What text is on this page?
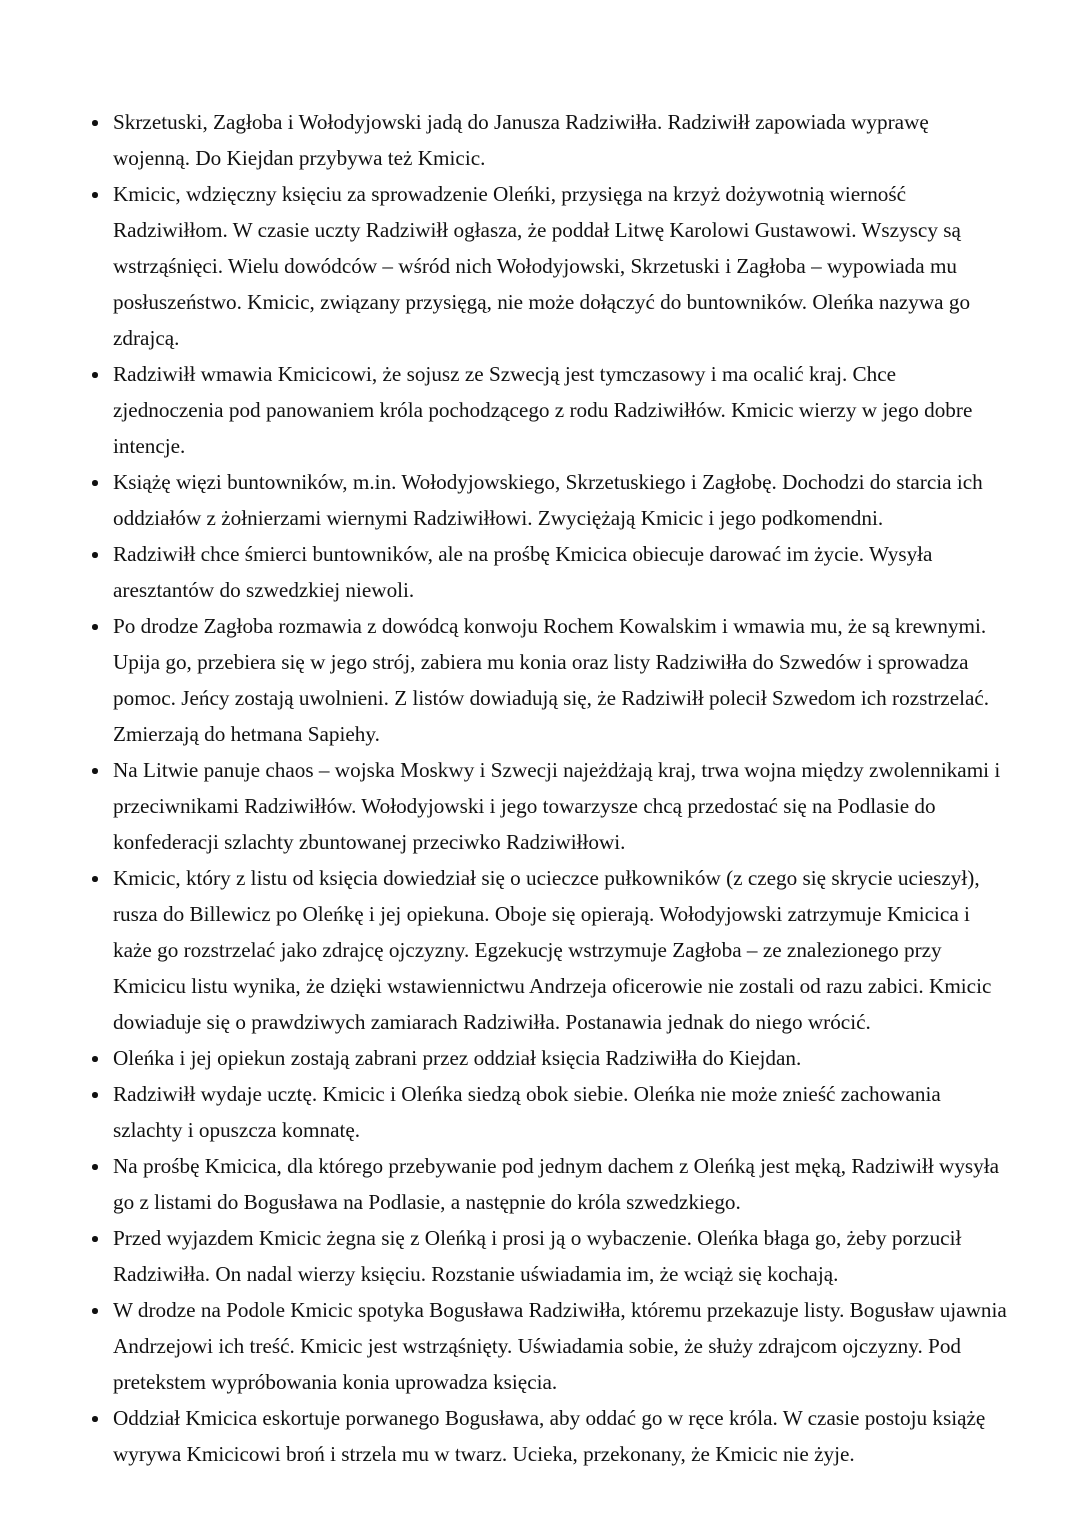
Skrzetuski, Zagłoba i Wołodyjowski jadą do Janusza Radziwiłła. Radziwiłł zapowiada wyprawę wojenną. Do Kiejdan przybywa też Kmicic.
Kmicic, wdzięczny księciu za sprowadzenie Oleńki, przysięga na krzyż dożywotnią wierność Radziwiłłom. W czasie uczty Radziwiłł ogłasza, że poddał Litwę Karolowi Gustawowi. Wszyscy są wstrząśnięci. Wielu dowódców – wśród nich Wołodyjowski, Skrzetuski i Zagłoba – wypowiada mu posłuszeństwo. Kmicic, związany przysięgą, nie może dołączyć do buntowników. Oleńka nazywa go zdrajcą.
Radziwiłł wmawia Kmicicowi, że sojusz ze Szwecją jest tymczasowy i ma ocalić kraj. Chce zjednoczenia pod panowaniem króla pochodzącego z rodu Radziwiłłów. Kmicic wierzy w jego dobre intencje.
Książę więzi buntowników, m.in. Wołodyjowskiego, Skrzetuskiego i Zagłobę. Dochodzi do starcia ich oddziałów z żołnierzami wiernymi Radziwiłłowi. Zwyciężają Kmicic i jego podkomendni.
Radziwiłł chce śmierci buntowników, ale na prośbę Kmicica obiecuje darować im życie. Wysyła aresztantów do szwedzkiej niewoli.
Po drodze Zagłoba rozmawia z dowódcą konwoju Rochem Kowalskim i wmawia mu, że są krewnymi. Upija go, przebiera się w jego strój, zabiera mu konia oraz listy Radziwiłła do Szwedów i sprowadza pomoc. Jeńcy zostają uwolnieni. Z listów dowiadują się, że Radziwiłł polecił Szwedom ich rozstrzelać. Zmierzają do hetmana Sapiehy.
Na Litwie panuje chaos – wojska Moskwy i Szwecji najeżdżają kraj, trwa wojna między zwolennikami i przeciwnikami Radziwiłłów. Wołodyjowski i jego towarzysze chcą przedostać się na Podlasie do konfederacji szlachty zbuntowanej przeciwko Radziwiłłowi.
Kmicic, który z listu od księcia dowiedział się o ucieczce pułkowników (z czego się skrycie ucieszył), rusza do Billewicz po Oleńkę i jej opiekuna. Oboje się opierają. Wołodyjowski zatrzymuje Kmicica i każe go rozstrzelać jako zdrajcę ojczyzny. Egzekucję wstrzymuje Zagłoba – ze znalezionego przy Kmicicu listu wynika, że dzięki wstawiennictwu Andrzeja oficerowie nie zostali od razu zabici. Kmicic dowiaduje się o prawdziwych zamiarach Radziwiłła. Postanawia jednak do niego wrócić.
Oleńka i jej opiekun zostają zabrani przez oddział księcia Radziwiłła do Kiejdan.
Radziwiłł wydaje ucztę. Kmicic i Oleńka siedzą obok siebie. Oleńka nie może znieść zachowania szlachty i opuszcza komnatę.
Na prośbę Kmicica, dla którego przebywanie pod jednym dachem z Oleńką jest męką, Radziwiłł wysyła go z listami do Bogusława na Podlasie, a następnie do króla szwedzkiego.
Przed wyjazdem Kmicic żegna się z Oleńką i prosi ją o wybaczenie. Oleńka błaga go, żeby porzucił Radziwiłła. On nadal wierzy księciu. Rozstanie uświadamia im, że wciąż się kochają.
W drodze na Podole Kmicic spotyka Bogusława Radziwiłła, któremu przekazuje listy. Bogusław ujawnia Andrzejowi ich treść. Kmicic jest wstrząśnięty. Uświadamia sobie, że służy zdrajcom ojczyzny. Pod pretekstem wypróbowania konia uprowadza księcia.
Oddział Kmicica eskortuje porwanego Bogusława, aby oddać go w ręce króla. W czasie postoju książę wyrywa Kmicicowi broń i strzela mu w twarz. Ucieka, przekonany, że Kmicic nie żyje.
